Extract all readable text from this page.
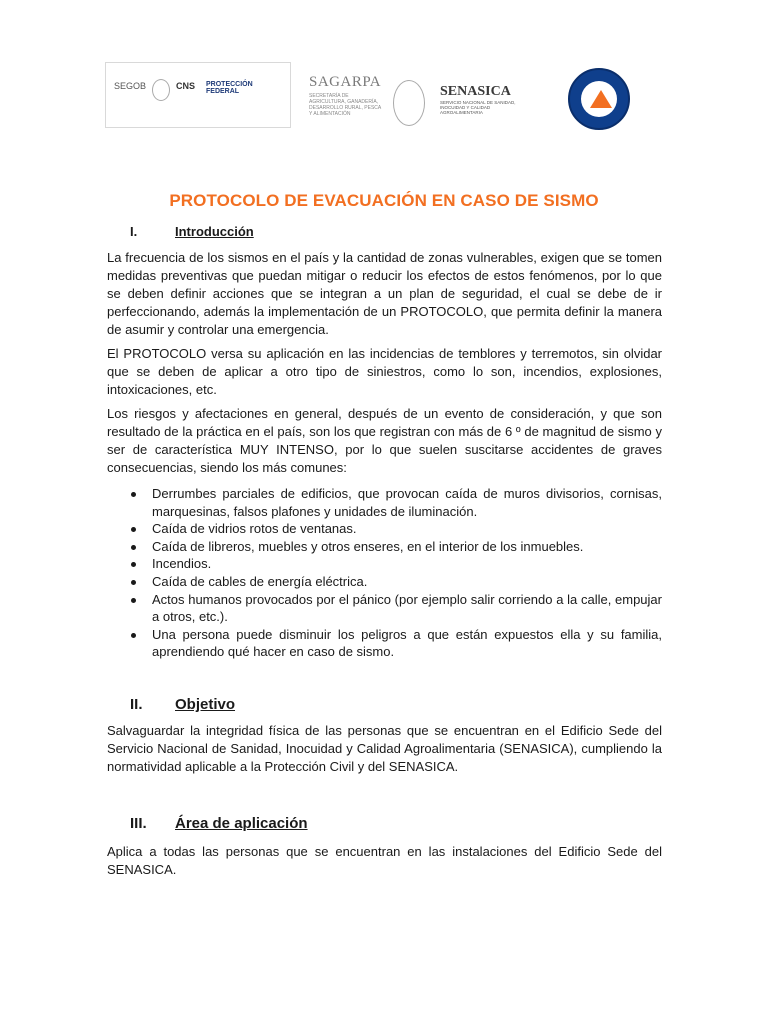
SEGOB	CNS PROTECCIÓN FEDERAL
SAGARPA
SECRETARÍA DE AGRICULTURA, GANADERÍA, DESARROLLO RURAL, PESCA Y ALIMENTACIÓN
SENASICA
SERVICIO NACIONAL DE SANIDAD, INOCUIDAD Y CALIDAD AGROALIMENTARIA
PROTOCOLO DE EVACUACIÓN EN CASO DE SISMO
I.	Introducción

La frecuencia de los sismos en el país y la cantidad de zonas vulnerables, exigen que se tomen medidas preventivas que puedan mitigar o reducir los efectos de estos fenómenos, por lo que se deben definir acciones que se integran a un plan de seguridad, el cual se debe de ir perfeccionando, además la implementación de un PROTOCOLO, que permita definir la manera de asumir y controlar una emergencia.

El PROTOCOLO versa su aplicación en las incidencias de temblores y terremotos, sin olvidar que se deben de aplicar a otro tipo de siniestros, como lo son, incendios, explosiones, intoxicaciones, etc.

Los riesgos y afectaciones en general, después de un evento de consideración, y que son resultado de la práctica en el país, son los que registran con más de 6 º de magnitud de sismo y ser de característica MUY INTENSO, por lo que suelen suscitarse accidentes de graves consecuencias, siendo los más comunes:

Derrumbes parciales de edificios, que provocan caída de muros divisorios, cornisas, marquesinas, falsos plafones y unidades de iluminación.
Caída de vidrios rotos de ventanas.
Caída de libreros, muebles y otros enseres, en el interior de los inmuebles.
Incendios.
Caída de cables de energía eléctrica.
Actos humanos provocados por el pánico (por ejemplo salir corriendo a la calle, empujar a otros, etc.).
Una persona puede disminuir los peligros a que están expuestos ella y su familia, aprendiendo qué hacer en caso de sismo.
II. Objetivo

Salvaguardar la integridad física de las personas que se encuentran en el Edificio Sede del Servicio Nacional de Sanidad, Inocuidad y Calidad Agroalimentaria (SENASICA), cumpliendo la normatividad aplicable a la Protección Civil y del SENASICA.

III. Área de aplicación

Aplica a todas las personas que se encuentran en las instalaciones del Edificio Sede del SENASICA.
